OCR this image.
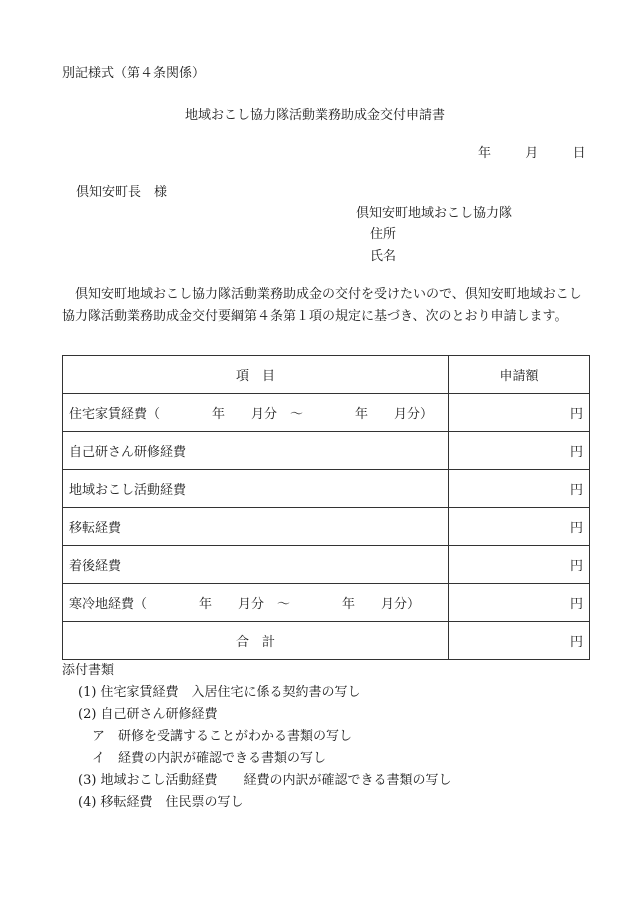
別記様式（第４条関係）
地域おこし協力隊活動業務助成金交付申請書
年	月	日
倶知安町長　様
倶知安町地域おこし協力隊
住所
氏名
倶知安町地域おこし協力隊活動業務助成金の交付を受けたいので、倶知安町地域おこし協力隊活動業務助成金交付要綱第４条第１項の規定に基づき、次のとおり申請します。
項　目	申請額
住宅家賃経費（　　　　年　　月分　～　　　　年　　月分）	円
自己研さん研修経費	円
地域おこし活動経費	円
移転経費	円
着後経費	円
寒冷地経費（　　　　年　　月分　～　　　　年　　月分）	円
合　計	円
添付書類
(1) 住宅家賃経費　入居住宅に係る契約書の写し
(2) 自己研さん研修経費
ア　研修を受講することがわかる書類の写し
イ　経費の内訳が確認できる書類の写し
(3) 地域おこし活動経費　　経費の内訳が確認できる書類の写し
(4) 移転経費　住民票の写し
